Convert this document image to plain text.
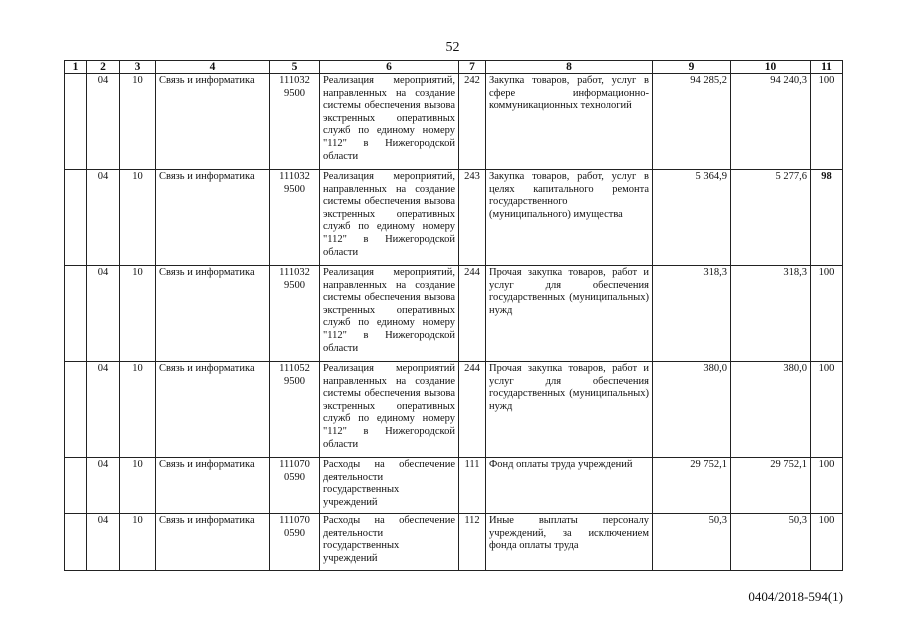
52
1	2	3	4	5	6	7	8	9	10	11
	04	10	Связь и информатика	111032 9500	Реализация мероприятий, направленных на создание системы обеспечения вызова экстренных оперативных служб по единому номеру "112" в Нижегородской области	242	Закупка товаров, работ, услуг в сфере информационно-коммуникационных технологий	94 285,2	94 240,3	100
	04	10	Связь и информатика	111032 9500	Реализация мероприятий, направленных на создание системы обеспечения вызова экстренных оперативных служб по единому номеру "112" в Нижегородской области	243	Закупка товаров, работ, услуг в целях капитального ремонта государственного (муниципального) имущества	5 364,9	5 277,6	98
	04	10	Связь и информатика	111032 9500	Реализация мероприятий, направленных на создание системы обеспечения вызова экстренных оперативных служб по единому номеру "112" в Нижегородской области	244	Прочая закупка товаров, работ и услуг для обеспечения государственных (муниципальных) нужд	318,3	318,3	100
	04	10	Связь и информатика	111052 9500	Реализация мероприятий направленных на создание системы обеспечения вызова экстренных оперативных служб по единому номеру "112" в Нижегородской области	244	Прочая закупка товаров, работ и услуг для обеспечения государственных (муниципальных) нужд	380,0	380,0	100
	04	10	Связь и информатика	111070 0590	Расходы на обеспечение деятельности государственных учреждений	111	Фонд оплаты труда учреждений	29 752,1	29 752,1	100
	04	10	Связь и информатика	111070 0590	Расходы на обеспечение деятельности государственных учреждений	112	Иные выплаты персоналу учреждений, за исключением фонда оплаты труда	50,3	50,3	100
0404/2018-594(1)
